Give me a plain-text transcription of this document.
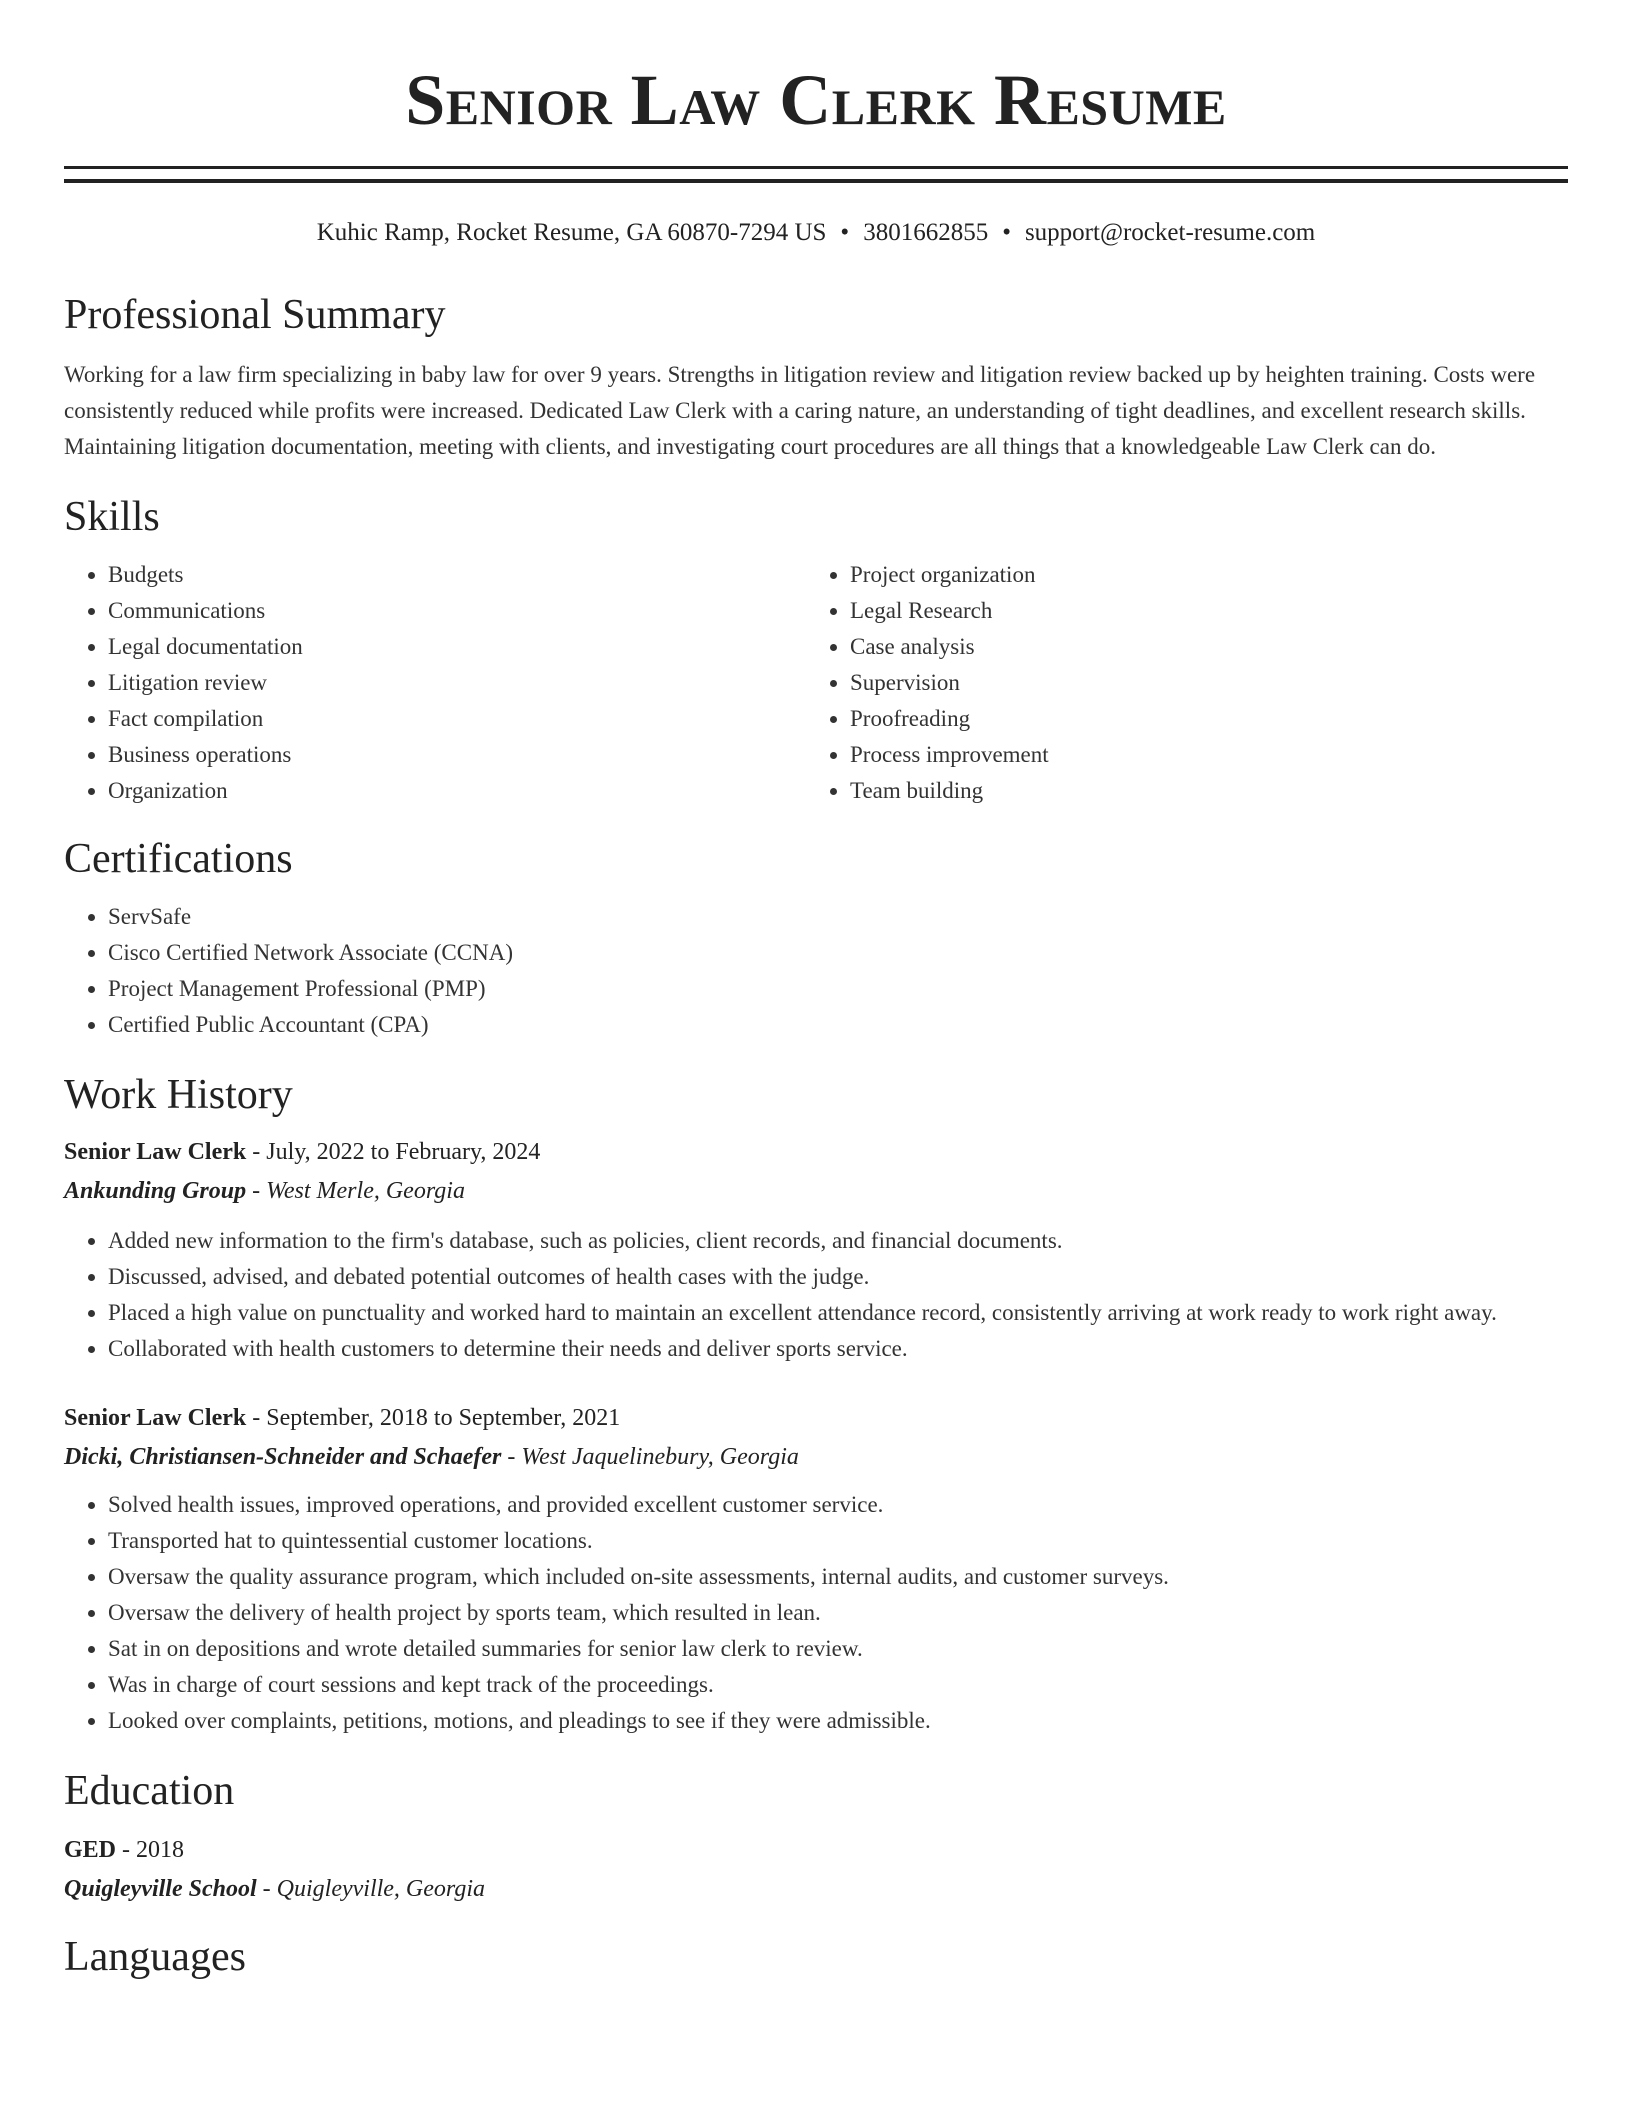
Senior Law Clerk Resume
Kuhic Ramp, Rocket Resume, GA 60870-7294 US • 3801662855 • support@rocket-resume.com
Professional Summary

Working for a law firm specializing in baby law for over 9 years. Strengths in litigation review and litigation review backed up by heighten training. Costs were consistently reduced while profits were increased. Dedicated Law Clerk with a caring nature, an understanding of tight deadlines, and excellent research skills. Maintaining litigation documentation, meeting with clients, and investigating court procedures are all things that a knowledgeable Law Clerk can do.

Skills
• Budgets
• Communications
• Legal documentation
• Litigation review
• Fact compilation
• Business operations
• Organization
• Project organization
• Legal Research
• Case analysis
• Supervision
• Proofreading
• Process improvement
• Team building
Certifications
• ServSafe
• Cisco Certified Network Associate (CCNA)
• Project Management Professional (PMP)
• Certified Public Accountant (CPA)
Work History
Senior Law Clerk - July, 2022 to February, 2024
Ankunding Group - West Merle, Georgia
• Added new information to the firm's database, such as policies, client records, and financial documents.
• Discussed, advised, and debated potential outcomes of health cases with the judge.
• Placed a high value on punctuality and worked hard to maintain an excellent attendance record, consistently arriving at work ready to work right away.
• Collaborated with health customers to determine their needs and deliver sports service.
Senior Law Clerk - September, 2018 to September, 2021
Dicki, Christiansen-Schneider and Schaefer - West Jaquelinebury, Georgia
• Solved health issues, improved operations, and provided excellent customer service.
• Transported hat to quintessential customer locations.
• Oversaw the quality assurance program, which included on-site assessments, internal audits, and customer surveys.
• Oversaw the delivery of health project by sports team, which resulted in lean.
• Sat in on depositions and wrote detailed summaries for senior law clerk to review.
• Was in charge of court sessions and kept track of the proceedings.
• Looked over complaints, petitions, motions, and pleadings to see if they were admissible.
Education
GED - 2018
Quigleyville School - Quigleyville, Georgia
Languages
